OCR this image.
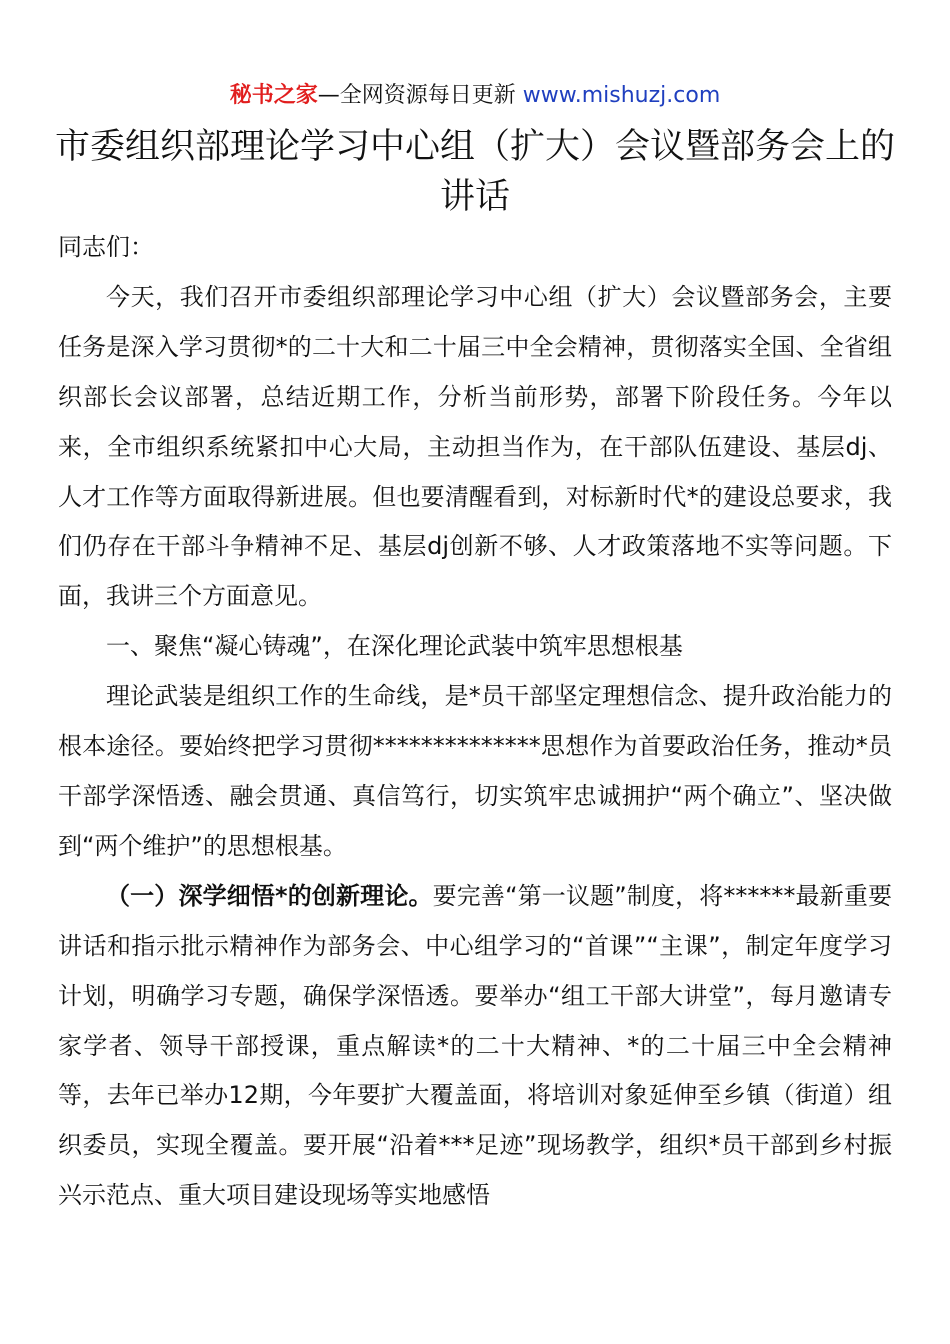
秘书之家—全网资源每日更新 www.mishuzj.com
市委组织部理论学习中心组（扩大）会议暨部务会上的讲话

同志们：

今天，我们召开市委组织部理论学习中心组（扩大）会议暨部务会，主要任务是深入学习贯彻*的二十大和二十届三中全会精神，贯彻落实全国、全省组织部长会议部署，总结近期工作，分析当前形势，部署下阶段任务。今年以来，全市组织系统紧扣中心大局，主动担当作为，在干部队伍建设、基层dj、人才工作等方面取得新进展。但也要清醒看到，对标新时代*的建设总要求，我们仍存在干部斗争精神不足、基层dj创新不够、人才政策落地不实等问题。下面，我讲三个方面意见。

一、聚焦“凝心铸魂”，在深化理论武装中筑牢思想根基

理论武装是组织工作的生命线，是*员干部坚定理想信念、提升政治能力的根本途径。要始终把学习贯彻**************思想作为首要政治任务，推动*员干部学深悟透、融会贯通、真信笃行，切实筑牢忠诚拥护“两个确立”、坚决做到“两个维护”的思想根基。

（一）深学细悟*的创新理论。要完善“第一议题”制度，将******最新重要讲话和指示批示精神作为部务会、中心组学习的“首课”“主课”，制定年度学习计划，明确学习专题，确保学深悟透。要举办“组工干部大讲堂”，每月邀请专家学者、领导干部授课，重点解读*的二十大精神、*的二十届三中全会精神等，去年已举办12期，今年要扩大覆盖面，将培训对象延伸至乡镇（街道）组织委员，实现全覆盖。要开展“沿着***足迹”现场教学，组织*员干部到乡村振兴示范点、重大项目建设现场等实地感悟
